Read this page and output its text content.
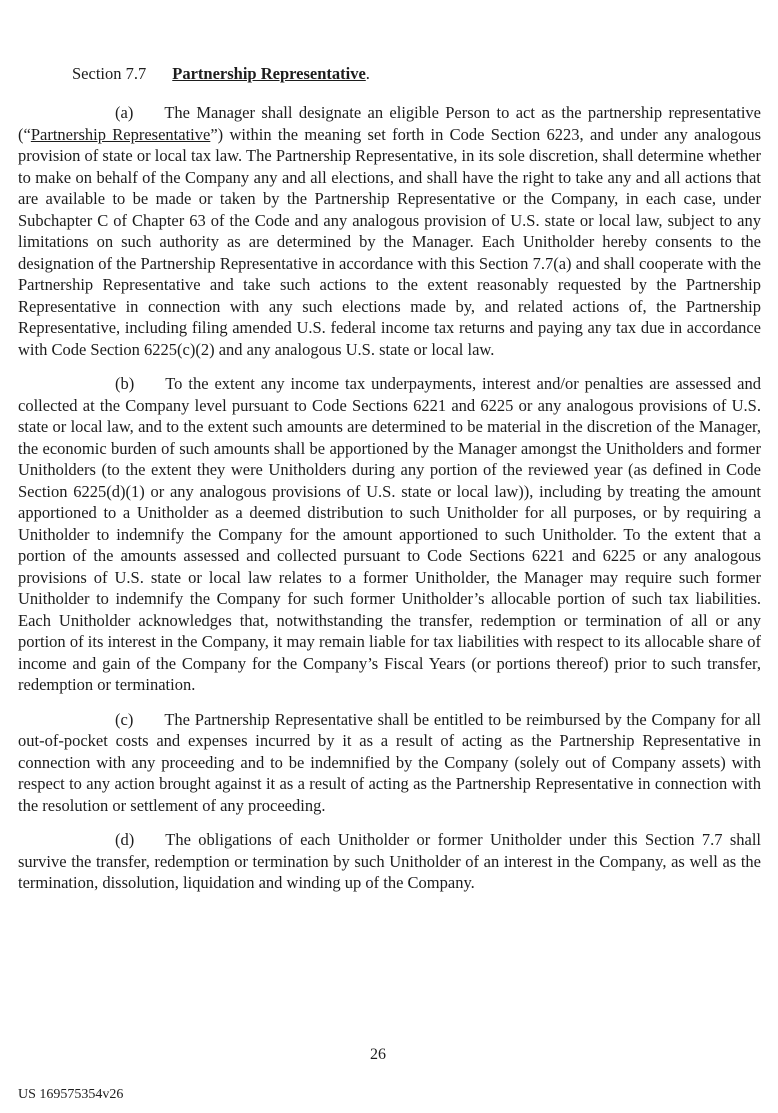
Section 7.7 Partnership Representative.

(a) The Manager shall designate an eligible Person to act as the partnership representative (“Partnership Representative”) within the meaning set forth in Code Section 6223, and under any analogous provision of state or local tax law. The Partnership Representative, in its sole discretion, shall determine whether to make on behalf of the Company any and all elections, and shall have the right to take any and all actions that are available to be made or taken by the Partnership Representative or the Company, in each case, under Subchapter C of Chapter 63 of the Code and any analogous provision of U.S. state or local law, subject to any limitations on such authority as are determined by the Manager. Each Unitholder hereby consents to the designation of the Partnership Representative in accordance with this Section 7.7(a) and shall cooperate with the Partnership Representative and take such actions to the extent reasonably requested by the Partnership Representative in connection with any such elections made by, and related actions of, the Partnership Representative, including filing amended U.S. federal income tax returns and paying any tax due in accordance with Code Section 6225(c)(2) and any analogous U.S. state or local law.

(b) To the extent any income tax underpayments, interest and/or penalties are assessed and collected at the Company level pursuant to Code Sections 6221 and 6225 or any analogous provisions of U.S. state or local law, and to the extent such amounts are determined to be material in the discretion of the Manager, the economic burden of such amounts shall be apportioned by the Manager amongst the Unitholders and former Unitholders (to the extent they were Unitholders during any portion of the reviewed year (as defined in Code Section 6225(d)(1) or any analogous provisions of U.S. state or local law)), including by treating the amount apportioned to a Unitholder as a deemed distribution to such Unitholder for all purposes, or by requiring a Unitholder to indemnify the Company for the amount apportioned to such Unitholder. To the extent that a portion of the amounts assessed and collected pursuant to Code Sections 6221 and 6225 or any analogous provisions of U.S. state or local law relates to a former Unitholder, the Manager may require such former Unitholder to indemnify the Company for such former Unitholder’s allocable portion of such tax liabilities. Each Unitholder acknowledges that, notwithstanding the transfer, redemption or termination of all or any portion of its interest in the Company, it may remain liable for tax liabilities with respect to its allocable share of income and gain of the Company for the Company’s Fiscal Years (or portions thereof) prior to such transfer, redemption or termination.

(c) The Partnership Representative shall be entitled to be reimbursed by the Company for all out-of-pocket costs and expenses incurred by it as a result of acting as the Partnership Representative in connection with any proceeding and to be indemnified by the Company (solely out of Company assets) with respect to any action brought against it as a result of acting as the Partnership Representative in connection with the resolution or settlement of any proceeding.

(d) The obligations of each Unitholder or former Unitholder under this Section 7.7 shall survive the transfer, redemption or termination by such Unitholder of an interest in the Company, as well as the termination, dissolution, liquidation and winding up of the Company.

26
US 169575354v26
